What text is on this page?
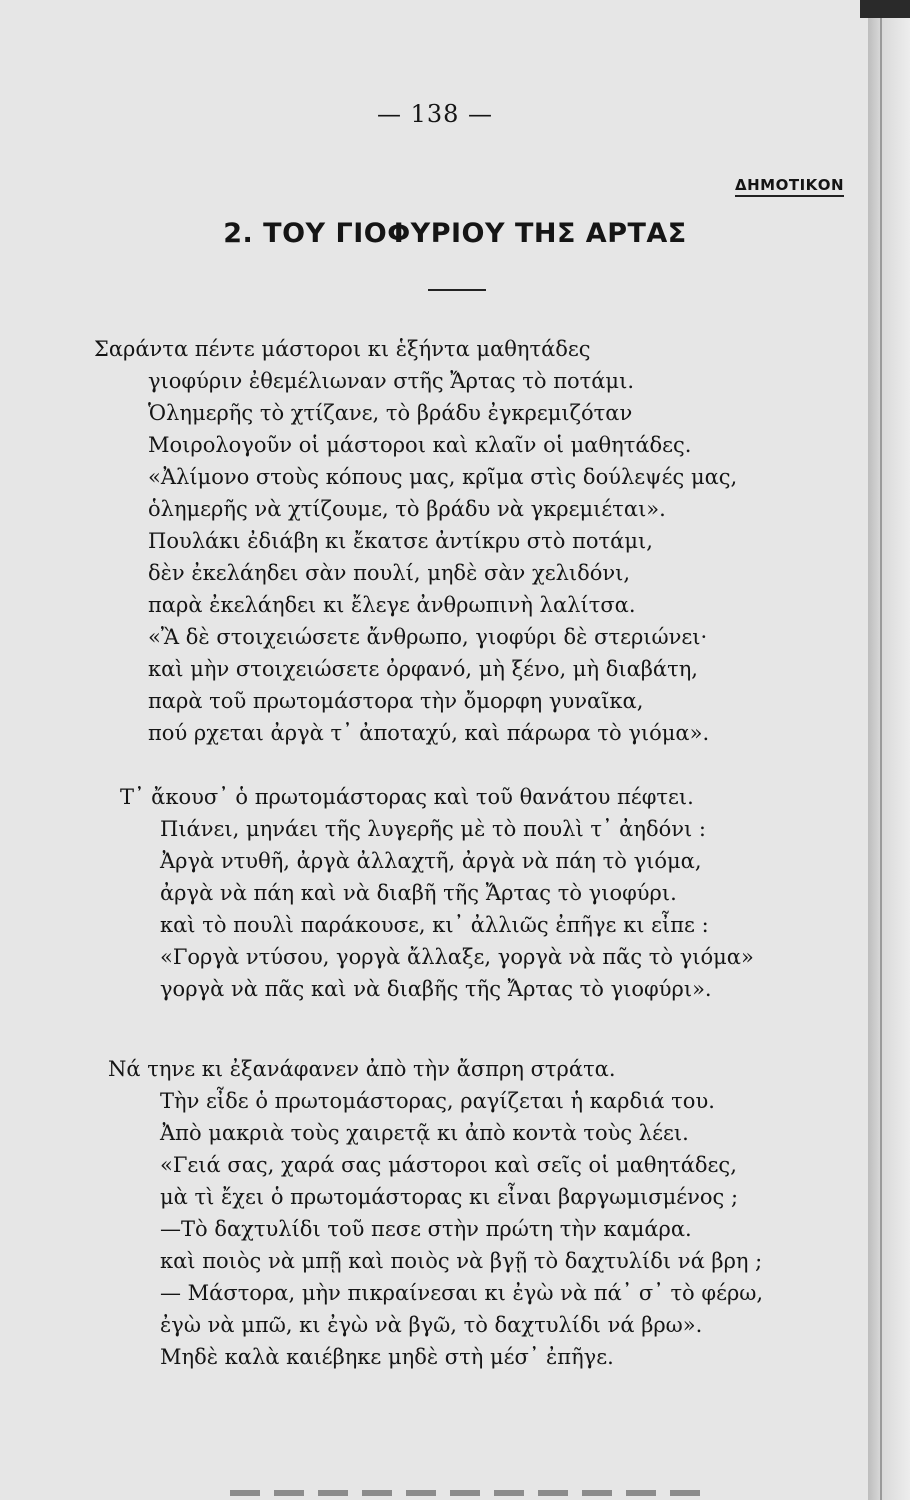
— 138 —
ΔΗΜΟΤΙΚΟΝ
2. ΤΟΥ ΓΙΟΦΥΡΙΟΥ ΤΗΣ ΑΡΤΑΣ
Σαράντα πέντε μάστοροι κι ἑξήντα μαθητάδες
γιοφύριν ἐθεμέλιωναν στῆς Ἄρτας τὸ ποτάμι.
Ὁλημερῆς τὸ χτίζανε, τὸ βράδυ ἐγκρεμιζόταν
Μοιρολογοῦν οἱ μάστοροι καὶ κλαῖν οἱ μαθητάδες.
«Ἀλίμονο στοὺς κόπους μας, κρῖμα στὶς δούλεψές μας,
ὁλημερῆς νὰ χτίζουμε, τὸ βράδυ νὰ γκρεμιέται».
Πουλάκι ἐδιάβη κι ἔκατσε ἀντίκρυ στὸ ποτάμι,
δὲν ἐκελάηδει σὰν πουλί, μηδὲ σὰν χελιδόνι,
παρὰ ἐκελάηδει κι ἔλεγε ἀνθρωπινὴ λαλίτσα.
«Ἂ δὲ στοιχειώσετε ἄνθρωπο, γιοφύρι δὲ στεριώνει·
καὶ μὴν στοιχειώσετε ὀρφανό, μὴ ξένο, μὴ διαβάτη,
παρὰ τοῦ πρωτομάστορα τὴν ὄμορφη γυναῖκα,
πού ρχεται ἀργὰ τ᾽ ἀποταχύ, καὶ πάρωρα τὸ γιόμα».
Τ᾽ ἄκουσ᾽ ὁ πρωτομάστορας καὶ τοῦ θανάτου πέφτει.
Πιάνει, μηνάει τῆς λυγερῆς μὲ τὸ πουλὶ τ᾽ ἀηδόνι :
Ἀργὰ ντυθῆ, ἀργὰ ἀλλαχτῆ, ἀργὰ νὰ πάη τὸ γιόμα,
ἀργὰ νὰ πάη καὶ νὰ διαβῆ τῆς Ἄρτας τὸ γιοφύρι.
καὶ τὸ πουλὶ παράκουσε, κι᾽ ἀλλιῶς ἐπῆγε κι εἶπε :
«Γοργὰ ντύσου, γοργὰ ἄλλαξε, γοργὰ νὰ πᾶς τὸ γιόμα»
γοργὰ νὰ πᾶς καὶ νὰ διαβῆς τῆς Ἄρτας τὸ γιοφύρι».
Νά τηνε κι ἐξανάφανεν ἀπὸ τὴν ἄσπρη στράτα.
Τὴν εἶδε ὁ πρωτομάστορας, ραγίζεται ἡ καρδιά του.
Ἀπὸ μακριὰ τοὺς χαιρετᾷ κι ἀπὸ κοντὰ τοὺς λέει.
«Γειά σας, χαρά σας μάστοροι καὶ σεῖς οἱ μαθητάδες,
μὰ τὶ ἔχει ὁ πρωτομάστορας κι εἶναι βαργωμισμένος ;
—Τὸ δαχτυλίδι τοῦ πεσε στὴν πρώτη τὴν καμάρα.
καὶ ποιὸς νὰ μπῇ καὶ ποιὸς νὰ βγῇ τὸ δαχτυλίδι νά βρη ;
— Μάστορα, μὴν πικραίνεσαι κι ἐγὼ νὰ πά᾽ σ᾽ τὸ φέρω,
ἐγὼ νὰ μπῶ, κι ἐγὼ νὰ βγῶ, τὸ δαχτυλίδι νά βρω».
Μηδὲ καλὰ καιέβηκε μηδὲ στὴ μέσ᾽ ἐπῆγε.
